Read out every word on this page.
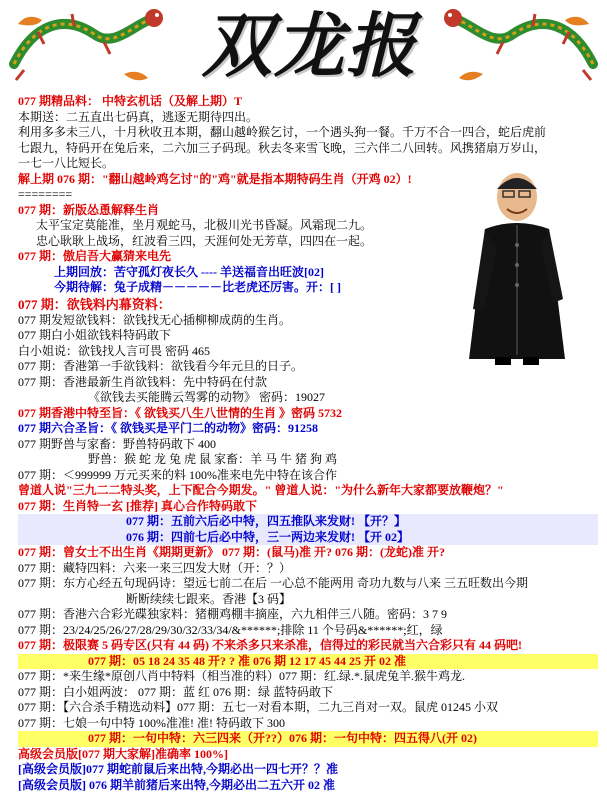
双龙报
077 期精品料： 中特玄机话（及解上期）T
本期送：二五直出七码真，逃逐无期待四出。
利用多多未三八，十月秋收丑本期，翻山越岭猴乞讨，一个遇头狗一餐。千万不合一四合，蛇后虎前
七跟九，特码开在兔后来，二六加三子码现。秋去冬来雪飞晚，三六伴二八回转。风携猪扇万岁山，
一七一八比短长。
解上期 076 期："翻山越岭鸡乞讨"的"鸡"就是指本期特码生肖（开鸡 02）!
========
077 期：新版怂恿解释生肖
太平宝定莫能准，坐月观蛇马，北极川光书昏凝。风霜现二九。
忠心耿耿上战场，红波看三四，天涯何处无芳草，四四在一起。
077 期：傲启吾大赢猜来电先
上期回放：苦守孤灯夜长久 ---- 羊送福音出旺波[02]
今期待解：兔子成精－－－－－比老虎还厉害。开：[ ]
077 期：欲钱料内幕资料：
077 期发短欲钱料：欲钱找无心插柳柳成荫的生肖。
077 期白小姐欲钱料特码敢下
白小姐说：欲钱找人言可畏 密码 465
077 期：香港第一手欲钱料：欲钱看今年元旦的日子。
077 期：香港最新生肖欲钱料：先中特码在付款
《欲钱去买能腾云驾雾的动物》 密码：19027
077 期香港中特至旨：《 欲钱买八生八世情的生肖 》密码 5732
077 期六合圣旨：《 欲钱买是平门二的动物》密码：91258
077 期野兽与家畜：野兽特码敢下 400
野兽：猴 蛇 龙 兔 虎 鼠 家畜：羊 马 牛 猪 狗 鸡
077 期：＜999999 万元买来的料 100%准来电先中特在该合作
曾道人说"三九二二特头奖，上下配合今期发。" 曾道人说："为什么新年大家都要放鞭炮？"
077 期：生肖特一玄 [推荐] 真心合作特码敢下
077 期：五前六后必中特，四五推队来发财! 【开？】
076 期：四前七后必中特，三一两边来发财! 【开 02】
077 期：曾女士不出生肖《期期更新》 077 期：(鼠马)准 开? 076 期：(龙蛇)准 开?
077 期：藏特四料：六来一来三四发大财（开：？）
077 期：东方心经五句现码诗：望远七前二在后 一心总不能两用 奇功九数与八来 三五旺数出今期
断断续续七跟来。香港【3 码】
077 期：香港六合彩光碟独家料：猪棚鸡棚丰摘座，六九相伴三八随。密码：3 7 9
077 期：23/24/25/26/27/28/29/30/32/33/34/&******;排除 11 个号码&******;红，绿
077 期：极限赛 5 码专区(只有 44 码) 不来杀多只来杀准，信得过的彩民就当六合彩只有 44 码吧!
077 期：05 18 24 35 48 开? ? 准 076 期 12 17 45 44 25 开 02 准
077 期：*来生缘*原创八肖中特料（相当准的料）077 期：红.绿.*.鼠虎兔羊.猴牛鸡龙.
077 期：白小姐两波： 077 期：蓝 红 076 期：绿 蓝特码敢下
077 期：【六合杀手精选动料】077 期：五七一对看本期，二九三肖对一双。鼠虎 01245 小双
077 期：七娘一句中特 100%准准! 准! 特码敢下 300
077 期：一句中特：六三四来（开??）076 期：一句中特：四五得八(开 02)
高级会员版[077 期大家解]准确率 100%]
[高级会员版]077 期蛇前鼠后来出特,今期必出一四七开？？准
[高级会员版] 076 期羊前猪后来出特,今期必出二五六开 02 准
